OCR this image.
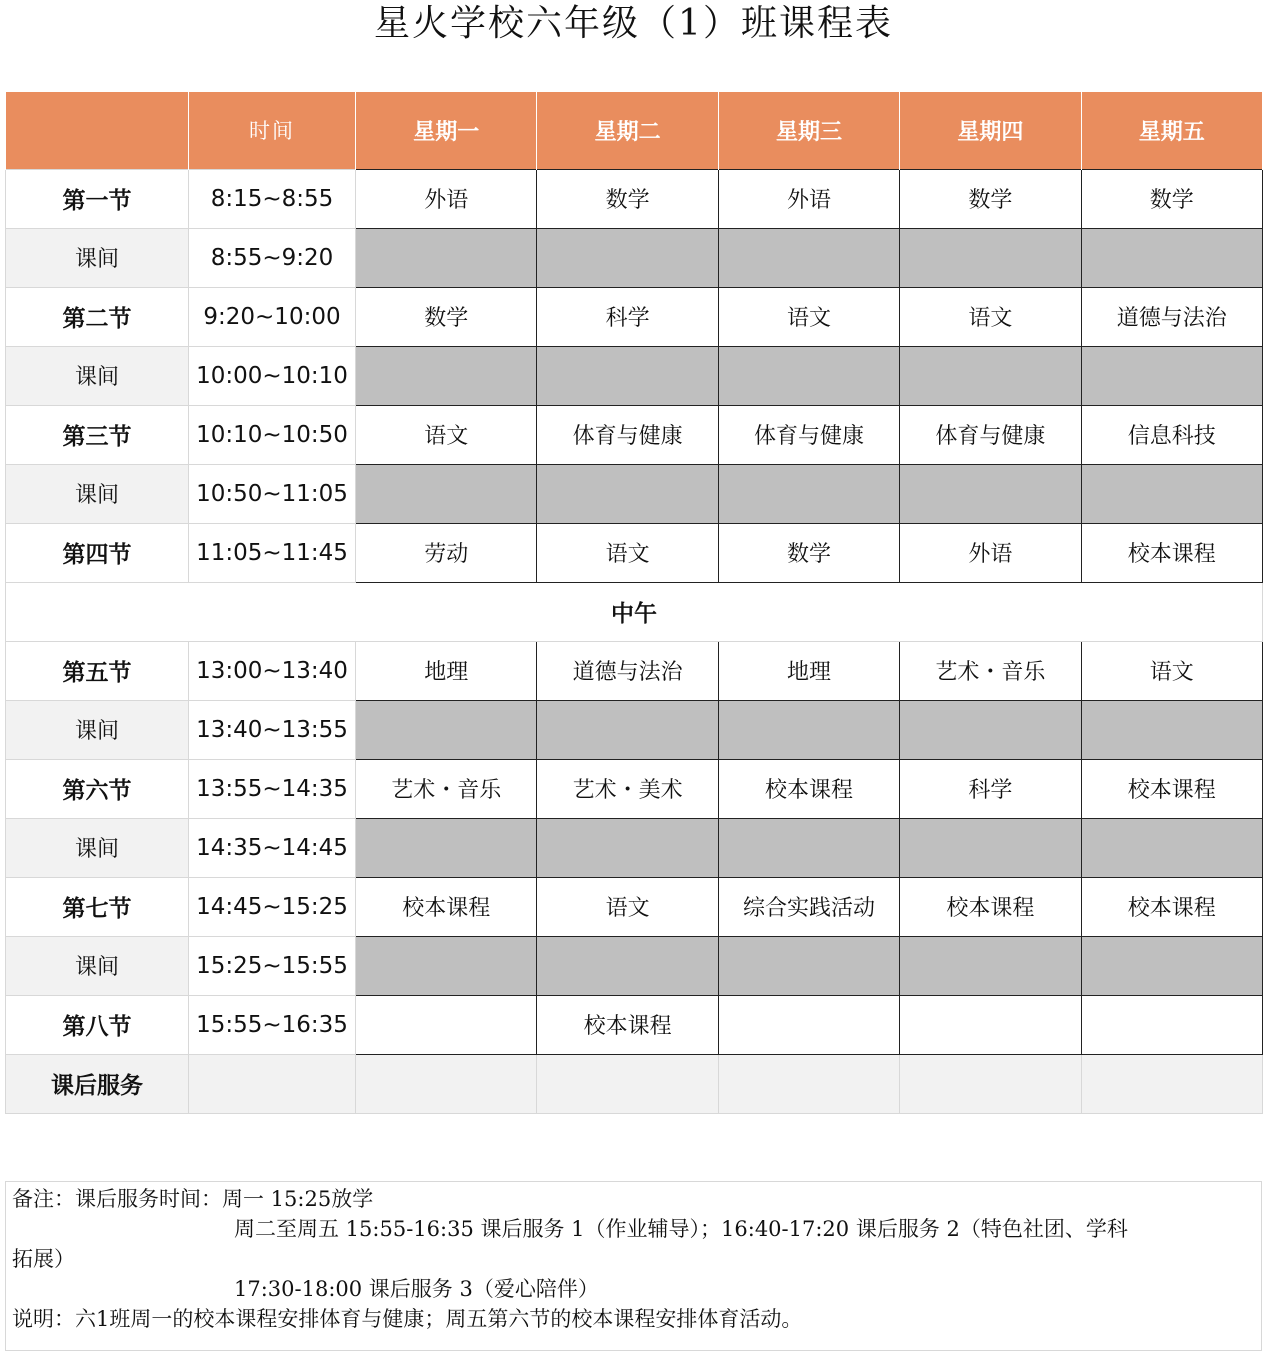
星火学校六年级（1）班课程表
	时间	星期一	星期二	星期三	星期四	星期五
第一节	8:15~8:55	外语	数学	外语	数学	数学
课间	8:55~9:20					
第二节	9:20~10:00	数学	科学	语文	语文	道德与法治
课间	10:00~10:10					
第三节	10:10~10:50	语文	体育与健康	体育与健康	体育与健康	信息科技
课间	10:50~11:05					
第四节	11:05~11:45	劳动	语文	数学	外语	校本课程
中午						
第五节	13:00~13:40	地理	道德与法治	地理	艺术・音乐	语文
课间	13:40~13:55					
第六节	13:55~14:35	艺术・音乐	艺术・美术	校本课程	科学	校本课程
课间	14:35~14:45					
第七节	14:45~15:25	校本课程	语文	综合实践活动	校本课程	校本课程
课间	15:25~15:55					
第八节	15:55~16:35		校本课程			
课后服务						
备注：课后服务时间：周一 15:25放学
周二至周五 15:55-16:35 课后服务 1（作业辅导）；16:40-17:20 课后服务 2（特色社团、学科
拓展）
17:30-18:00 课后服务 3（爱心陪伴）
说明：六1班周一的校本课程安排体育与健康；周五第六节的校本课程安排体育活动。
